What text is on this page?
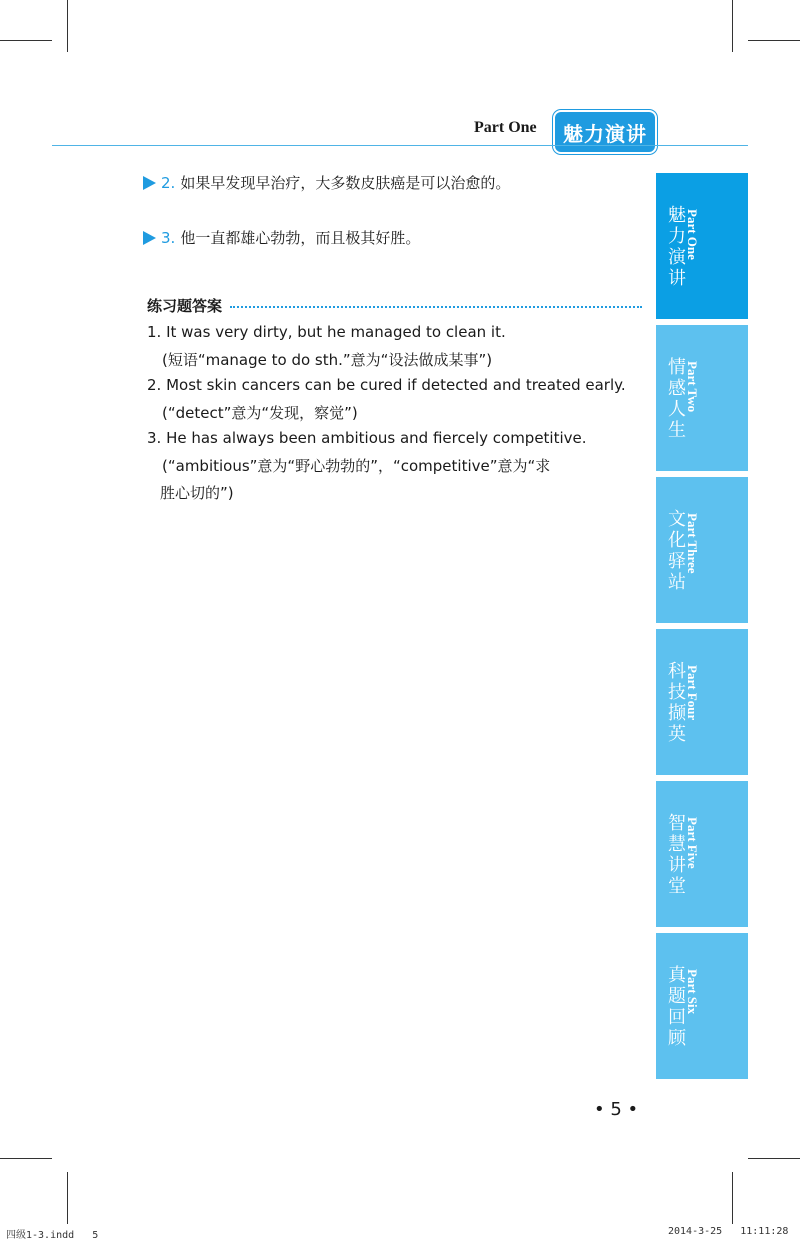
Part One	魅力演讲
2. 如果早发现早治疗，大多数皮肤癌是可以治愈的。
3. 他一直都雄心勃勃，而且极其好胜。
练习题答案
1. It was very dirty, but he managed to clean it.
(短语“manage to do sth.”意为“设法做成某事”)
2. Most skin cancers can be cured if detected and treated early.
(“detect”意为“发现，察觉”)
3. He has always been ambitious and fiercely competitive.
(“ambitious”意为“野心勃勃的”，“competitive”意为“求
胜心切的”)
魅力演讲
Part One
情感人生
Part Two
文化驿站
Part Three
科技撷英
Part Four
智慧讲堂
Part Five
真题回顾
Part Six
• 5 •
四级1-3.indd   5	2014-3-25   11:11:28
